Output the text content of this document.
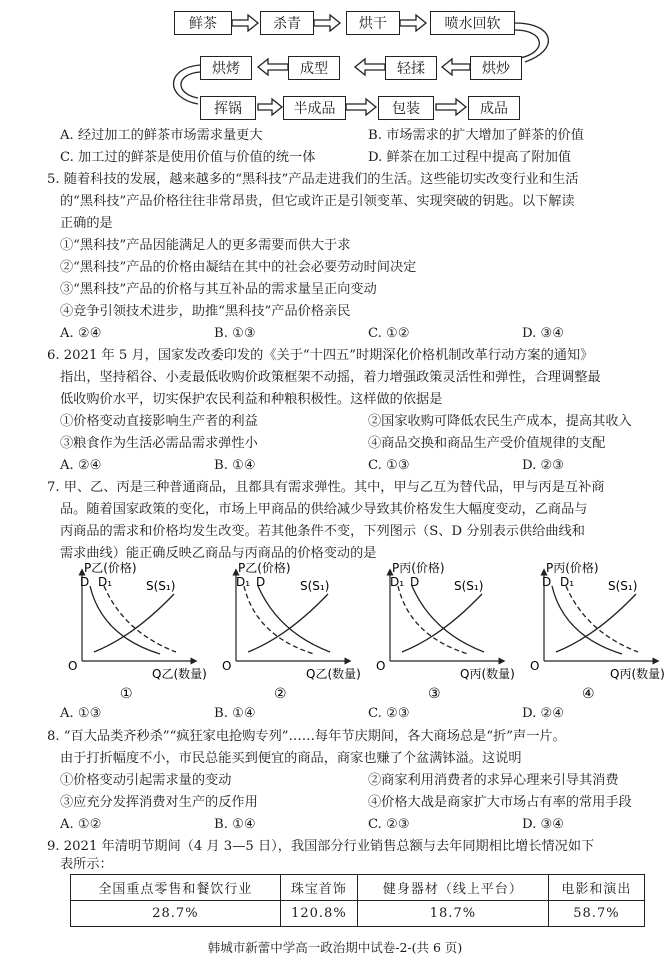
鲜茶	杀青	烘干	喷水回软
烘烤	成型	轻揉	烘炒
挥锅	半成品	包装	成品
A. 经过加工的鲜茶市场需求量更大	B. 市场需求的扩大增加了鲜茶的价值
C. 加工过的鲜茶是使用价值与价值的统一体	D. 鲜茶在加工过程中提高了附加值
5. 随着科技的发展，越来越多的“黑科技”产品走进我们的生活。这些能切实改变行业和生活
的“黑科技”产品价格往往非常昂贵，但它或许正是引领变革、实现突破的钥匙。以下解读
正确的是
①“黑科技”产品因能满足人的更多需要而供大于求
②“黑科技”产品的价格由凝结在其中的社会必要劳动时间决定
③“黑科技”产品的价格与其互补品的需求量呈正向变动
④竞争引领技术进步，助推“黑科技”产品价格亲民
A. ②④	B. ①③	C. ①②	D. ③④
6. 2021 年 5 月，国家发改委印发的《关于“十四五”时期深化价格机制改革行动方案的通知》
指出，坚持稻谷、小麦最低收购价政策框架不动摇，着力增强政策灵活性和弹性，合理调整最
低收购价水平，切实保护农民利益和种粮积极性。这样做的依据是
①价格变动直接影响生产者的利益	②国家收购可降低农民生产成本，提高其收入
③粮食作为生活必需品需求弹性小	④商品交换和商品生产受价值规律的支配
A. ②④	B. ①④	C. ①③	D. ②③
7. 甲、乙、丙是三种普通商品，且都具有需求弹性。其中，甲与乙互为替代品，甲与丙是互补商
品。随着国家政策的变化，市场上甲商品的供给减少导致其价格发生大幅度变动，乙商品与
丙商品的需求和价格均发生改变。若其他条件不变，下列图示（S、D 分别表示供给曲线和
需求曲线）能正确反映乙商品与丙商品的价格变动的是
P乙(价格)
D D₁	S(S₁)
O
Q乙(数量)
①
P乙(价格)
D₁ D	S(S₁)
O
Q乙(数量)
②
P丙(价格)
D₁ D	S(S₁)
O
Q丙(数量)
③
P丙(价格)
D D₁	S(S₁)
O
Q丙(数量)
④
A. ①③	B. ①④	C. ②③	D. ②④
8. “百大品类齐秒杀”“疯狂家电抢购专列”……每年节庆期间，各大商场总是“折”声一片。
由于打折幅度不小，市民总能买到便宜的商品，商家也赚了个盆满钵溢。这说明
①价格变动引起需求量的变动	②商家利用消费者的求异心理来引导其消费
③应充分发挥消费对生产的反作用	④价格大战是商家扩大市场占有率的常用手段
A. ①②	B. ①④	C. ②③	D. ③④
9. 2021 年清明节期间（4 月 3—5 日），我国部分行业销售总额与去年同期相比增长情况如下
表所示：
全国重点零售和餐饮行业	珠宝首饰	健身器材（线上平台）	电影和演出
28.7%	120.8%	18.7%	58.7%
韩城市新蕾中学高一政治期中试卷-2-(共 6 页)
